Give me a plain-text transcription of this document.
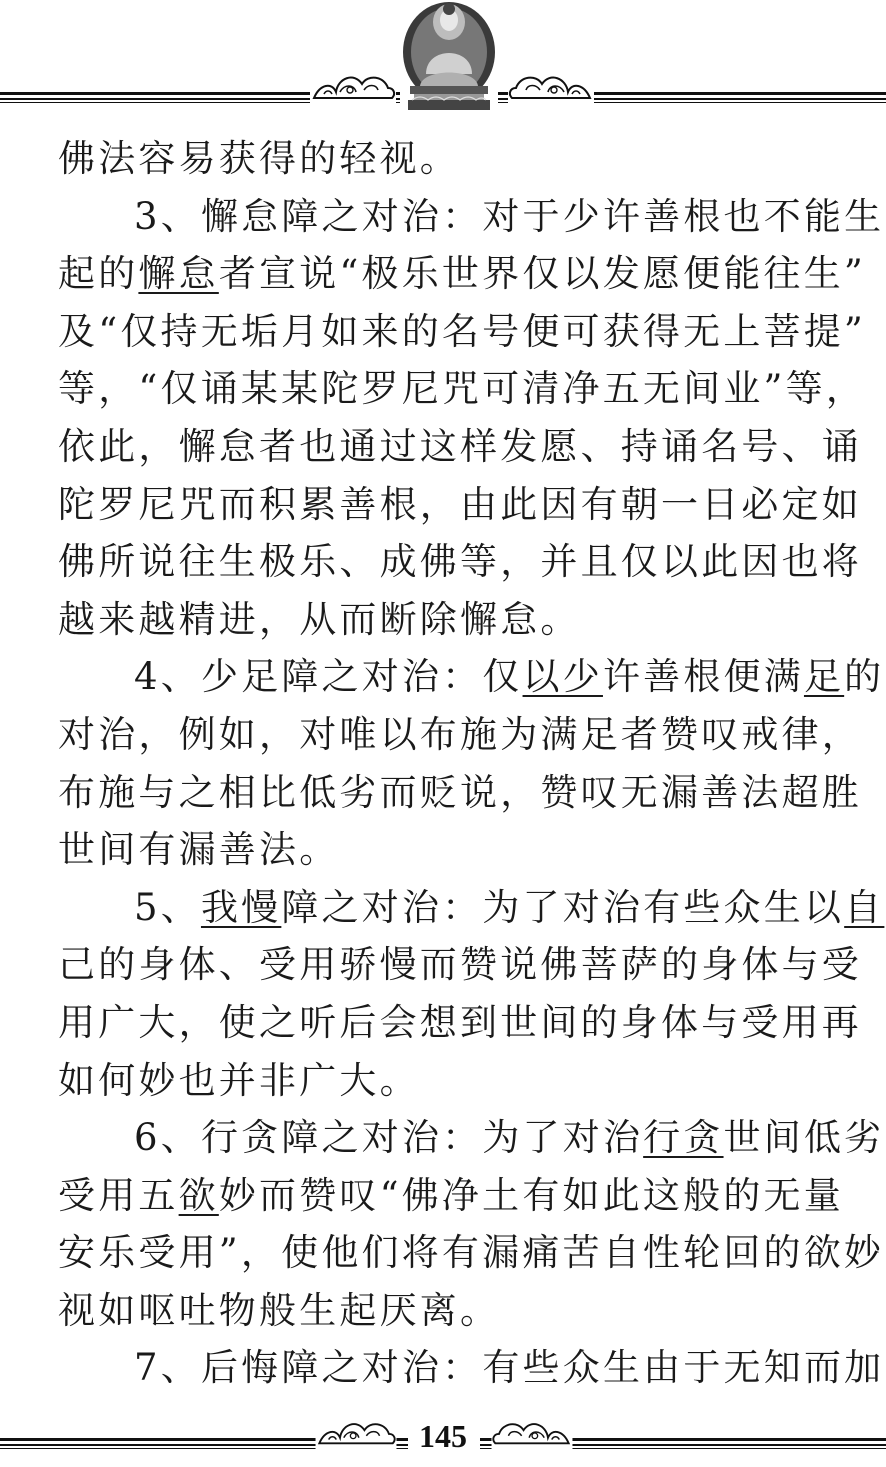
佛法容易获得的轻视。
3、懈怠障之对治：对于少许善根也不能生
起的懈怠者宣说“极乐世界仅以发愿便能往生”
及“仅持无垢月如来的名号便可获得无上菩提”
等，“仅诵某某陀罗尼咒可清净五无间业”等，
依此，懈怠者也通过这样发愿、持诵名号、诵
陀罗尼咒而积累善根，由此因有朝一日必定如
佛所说往生极乐、成佛等，并且仅以此因也将
越来越精进，从而断除懈怠。
4、少足障之对治：仅以少许善根便满足的
对治，例如，对唯以布施为满足者赞叹戒律，
布施与之相比低劣而贬说，赞叹无漏善法超胜
世间有漏善法。
5、我慢障之对治：为了对治有些众生以自
己的身体、受用骄慢而赞说佛菩萨的身体与受
用广大，使之听后会想到世间的身体与受用再
如何妙也并非广大。
6、行贪障之对治：为了对治行贪世间低劣
受用五欲妙而赞叹“佛净土有如此这般的无量
安乐受用”，使他们将有漏痛苦自性轮回的欲妙
视如呕吐物般生起厌离。
7、后悔障之对治：有些众生由于无知而加
145
